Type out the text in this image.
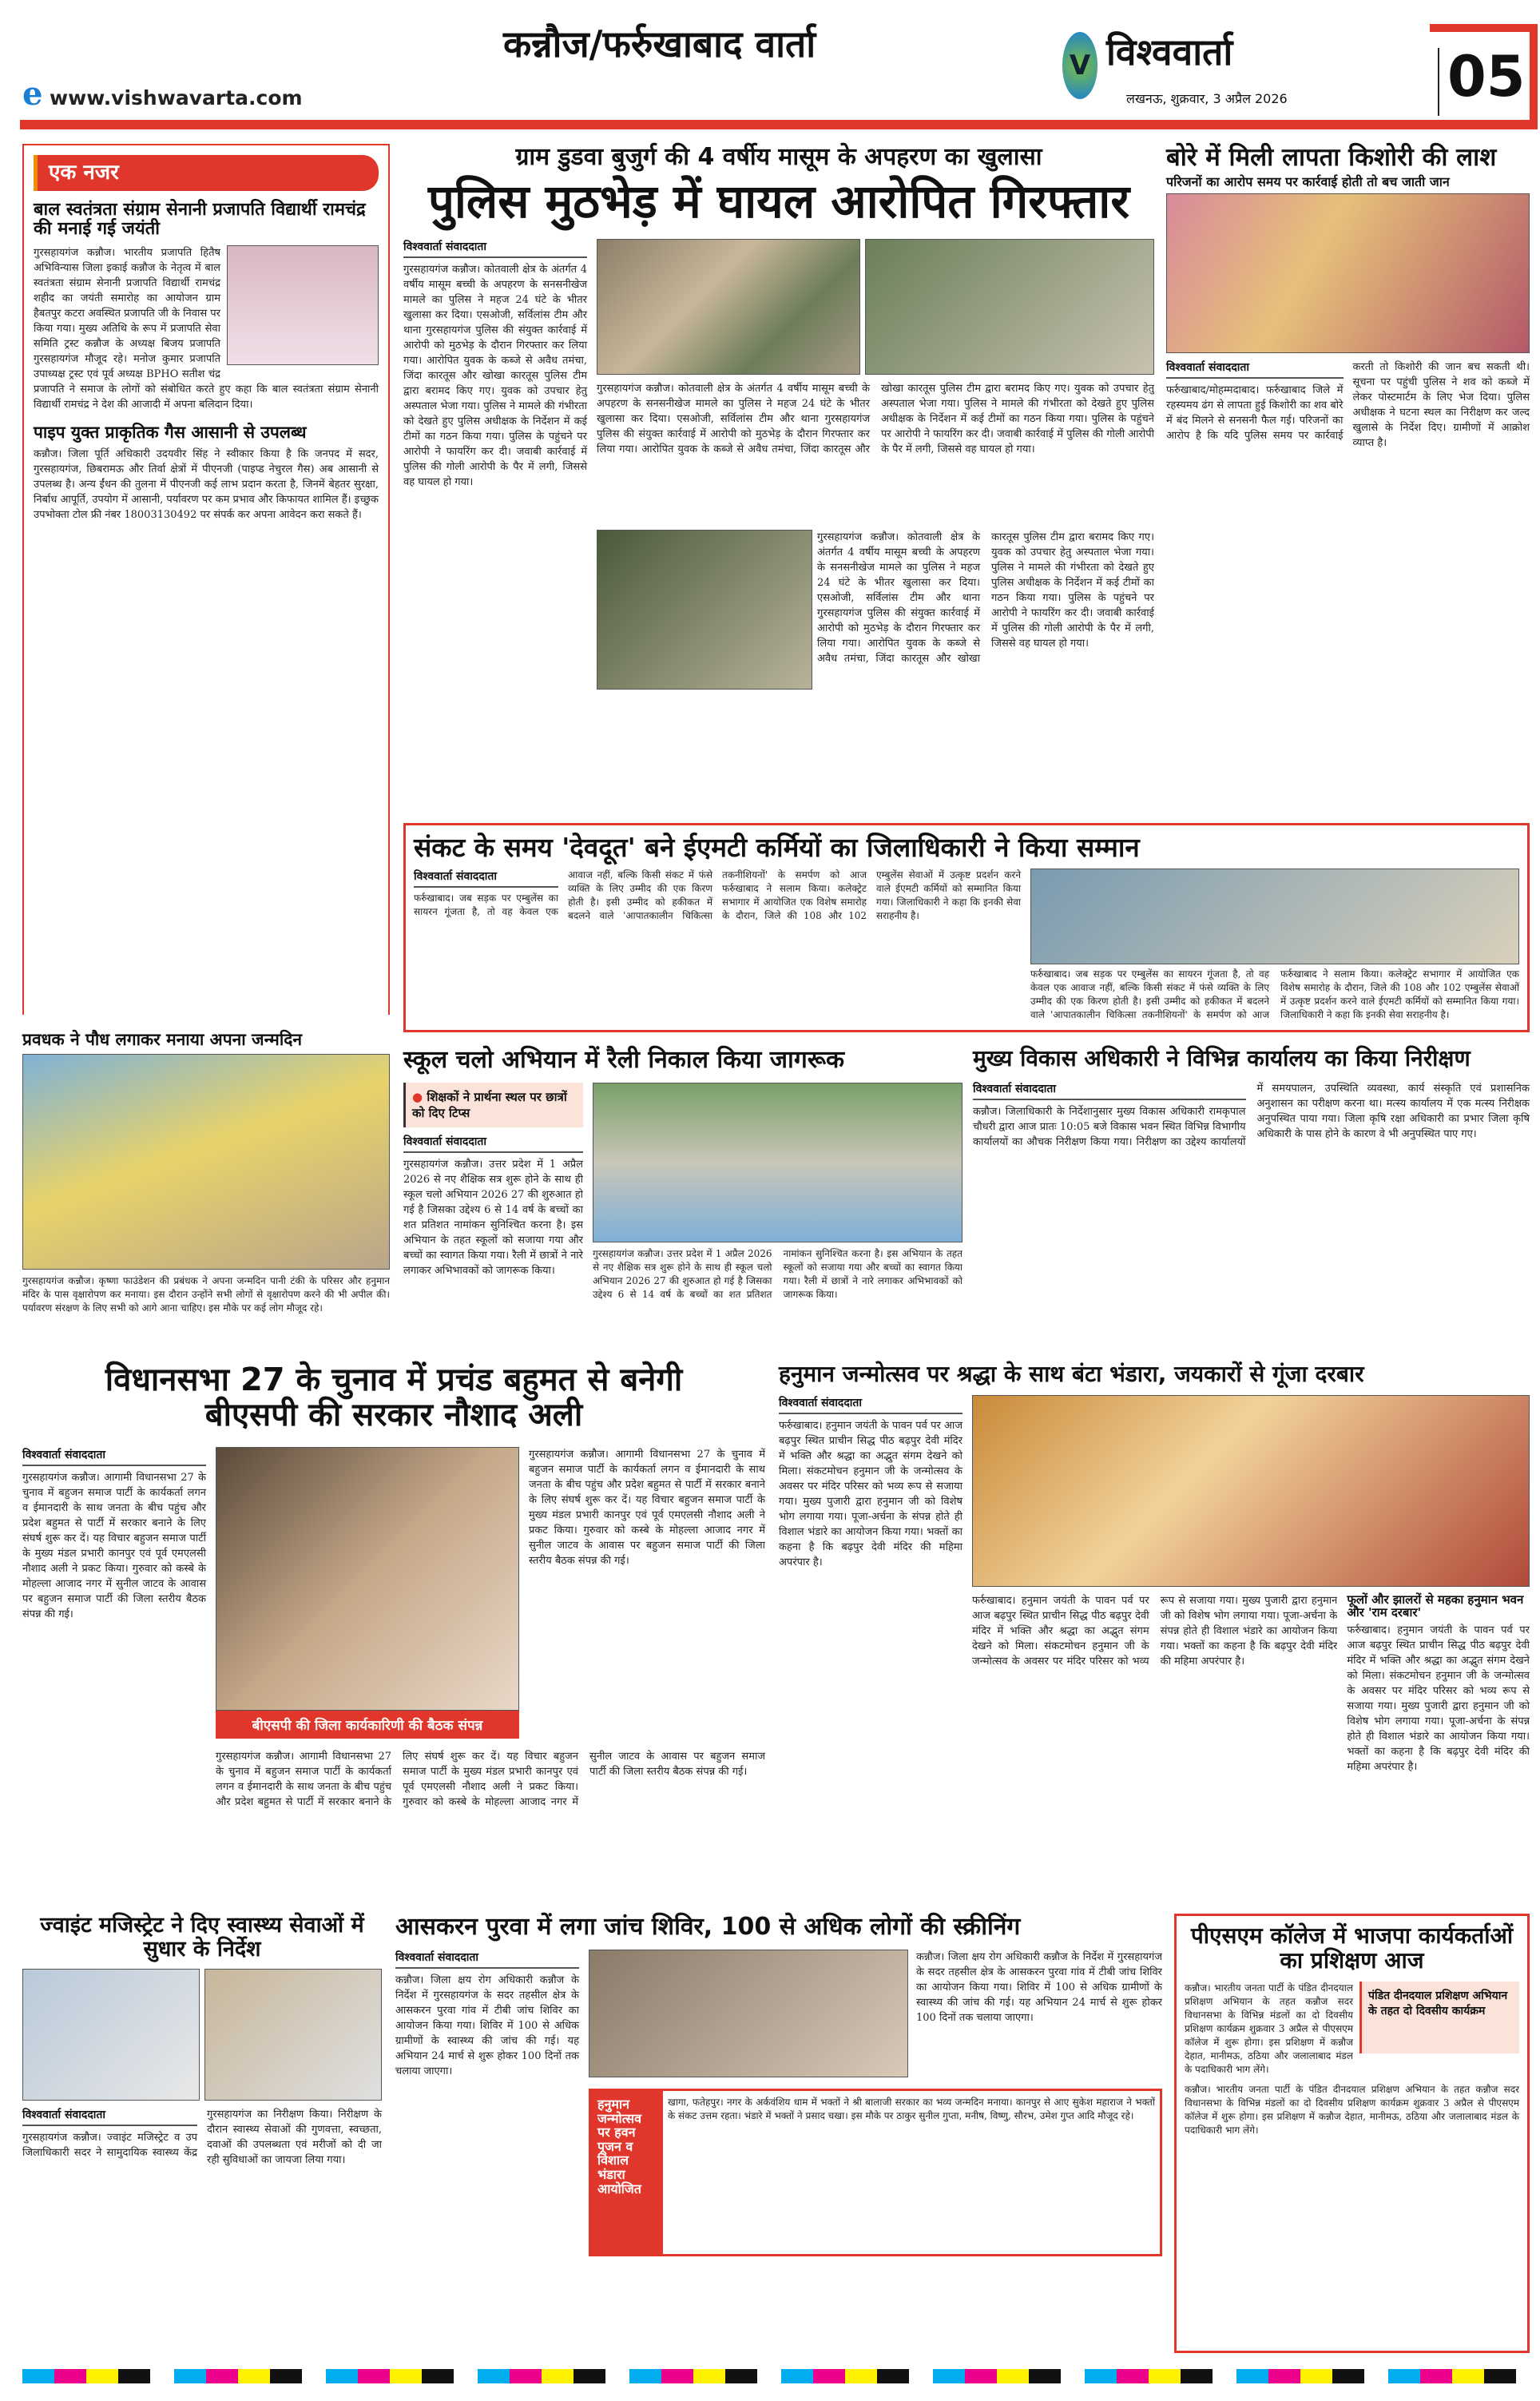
कन्नौज/फर्रुखाबाद वार्ता
e www.vishwavarta.com
V विश्ववार्ता
लखनऊ, शुक्रवार, 3 अप्रैल 2026	05
एक नजर
बाल स्वतंत्रता संग्राम सेनानी प्रजापति विद्यार्थी रामचंद्र की मनाई गई जयंती
गुरसहायगंज कन्नौज। भारतीय प्रजापति हितैष अभिविन्यास जिला इकाई कन्नौज के नेतृत्व में बाल स्वतंत्रता संग्राम सेनानी प्रजापति विद्यार्थी रामचंद्र शहीद का जयंती समारोह का आयोजन ग्राम हैबतपुर कटरा अवस्थित प्रजापति जी के निवास पर किया गया। मुख्य अतिथि के रूप में प्रजापति सेवा समिति ट्रस्ट कन्नौज के अध्यक्ष बिजय प्रजापति गुरसहायगंज मौजूद रहे। मनोज कुमार प्रजापति उपाध्यक्ष ट्रस्ट एवं पूर्व अध्यक्ष BPHO सतीश चंद्र प्रजापति ने समाज के लोगों को संबोधित करते हुए कहा कि बाल स्वतंत्रता संग्राम सेनानी विद्यार्थी रामचंद्र ने देश की आजादी में अपना बलिदान दिया।
पाइप युक्त प्राकृतिक गैस आसानी से उपलब्ध
कन्नौज। जिला पूर्ति अधिकारी उदयवीर सिंह ने स्वीकार किया है कि जनपद में सदर, गुरसहायगंज, छिबरामऊ और तिर्वा क्षेत्रों में पीएनजी (पाइप्ड नेचुरल गैस) अब आसानी से उपलब्ध है। अन्य ईंधन की तुलना में पीएनजी कई लाभ प्रदान करता है, जिनमें बेहतर सुरक्षा, निर्बाध आपूर्ति, उपयोग में आसानी, पर्यावरण पर कम प्रभाव और किफायत शामिल हैं। इच्छुक उपभोक्ता टोल फ्री नंबर 18003130492 पर संपर्क कर अपना आवेदन करा सकते हैं।
प्रवधक ने पौध लगाकर मनाया अपना जन्मदिन
गुरसहायगंज कन्नौज। कृष्णा फाउंडेशन की प्रबंधक ने अपना जन्मदिन पानी टंकी के परिसर और हनुमान मंदिर के पास वृक्षारोपण कर मनाया। इस दौरान उन्होंने सभी लोगों से वृक्षारोपण करने की भी अपील की। पर्यावरण संरक्षण के लिए सभी को आगे आना चाहिए। इस मौके पर कई लोग मौजूद रहे।
ग्राम डुडवा बुजुर्ग की 4 वर्षीय मासूम के अपहरण का खुलासा
पुलिस मुठभेड़ में घायल आरोपित गिरफ्तार
विश्ववार्ता संवाददाता
गुरसहायगंज कन्नौज। कोतवाली क्षेत्र के अंतर्गत 4 वर्षीय मासूम बच्ची के अपहरण के सनसनीखेज मामले का पुलिस ने महज 24 घंटे के भीतर खुलासा कर दिया। एसओजी, सर्विलांस टीम और थाना गुरसहायगंज पुलिस की संयुक्त कार्रवाई में आरोपी को मुठभेड़ के दौरान गिरफ्तार कर लिया गया। आरोपित युवक के कब्जे से अवैध तमंचा, जिंदा कारतूस और खोखा कारतूस पुलिस टीम द्वारा बरामद किए गए। युवक को उपचार हेतु अस्पताल भेजा गया। पुलिस ने मामले की गंभीरता को देखते हुए पुलिस अधीक्षक के निर्देशन में कई टीमों का गठन किया गया। पुलिस के पहुंचने पर आरोपी ने फायरिंग कर दी। जवाबी कार्रवाई में पुलिस की गोली आरोपी के पैर में लगी, जिससे वह घायल हो गया।
गुरसहायगंज कन्नौज। कोतवाली क्षेत्र के अंतर्गत 4 वर्षीय मासूम बच्ची के अपहरण के सनसनीखेज मामले का पुलिस ने महज 24 घंटे के भीतर खुलासा कर दिया। एसओजी, सर्विलांस टीम और थाना गुरसहायगंज पुलिस की संयुक्त कार्रवाई में आरोपी को मुठभेड़ के दौरान गिरफ्तार कर लिया गया। आरोपित युवक के कब्जे से अवैध तमंचा, जिंदा कारतूस और खोखा कारतूस पुलिस टीम द्वारा बरामद किए गए। युवक को उपचार हेतु अस्पताल भेजा गया। पुलिस ने मामले की गंभीरता को देखते हुए पुलिस अधीक्षक के निर्देशन में कई टीमों का गठन किया गया। पुलिस के पहुंचने पर आरोपी ने फायरिंग कर दी। जवाबी कार्रवाई में पुलिस की गोली आरोपी के पैर में लगी, जिससे वह घायल हो गया।
गुरसहायगंज कन्नौज। कोतवाली क्षेत्र के अंतर्गत 4 वर्षीय मासूम बच्ची के अपहरण के सनसनीखेज मामले का पुलिस ने महज 24 घंटे के भीतर खुलासा कर दिया। एसओजी, सर्विलांस टीम और थाना गुरसहायगंज पुलिस की संयुक्त कार्रवाई में आरोपी को मुठभेड़ के दौरान गिरफ्तार कर लिया गया। आरोपित युवक के कब्जे से अवैध तमंचा, जिंदा कारतूस और खोखा कारतूस पुलिस टीम द्वारा बरामद किए गए। युवक को उपचार हेतु अस्पताल भेजा गया। पुलिस ने मामले की गंभीरता को देखते हुए पुलिस अधीक्षक के निर्देशन में कई टीमों का गठन किया गया। पुलिस के पहुंचने पर आरोपी ने फायरिंग कर दी। जवाबी कार्रवाई में पुलिस की गोली आरोपी के पैर में लगी, जिससे वह घायल हो गया।
बोरे में मिली लापता किशोरी की लाश
परिजनों का आरोप समय पर कार्रवाई होती तो बच जाती जान
विश्ववार्ता संवाददाता
फर्रुखाबाद/मोहम्मदाबाद। फर्रुखाबाद जिले में रहस्यमय ढंग से लापता हुई किशोरी का शव बोरे में बंद मिलने से सनसनी फैल गई। परिजनों का आरोप है कि यदि पुलिस समय पर कार्रवाई करती तो किशोरी की जान बच सकती थी। सूचना पर पहुंची पुलिस ने शव को कब्जे में लेकर पोस्टमार्टम के लिए भेज दिया। पुलिस अधीक्षक ने घटना स्थल का निरीक्षण कर जल्द खुलासे के निर्देश दिए। ग्रामीणों में आक्रोश व्याप्त है।
संकट के समय 'देवदूत' बने ईएमटी कर्मियों का जिलाधिकारी ने किया सम्मान
विश्ववार्ता संवाददाता
फर्रुखाबाद। जब सड़क पर एम्बुलेंस का सायरन गूंजता है, तो वह केवल एक आवाज नहीं, बल्कि किसी संकट में फंसे व्यक्ति के लिए उम्मीद की एक किरण होती है। इसी उम्मीद को हकीकत में बदलने वाले 'आपातकालीन चिकित्सा तकनीशियनों' के समर्पण को आज फर्रुखाबाद ने सलाम किया। कलेक्ट्रेट सभागार में आयोजित एक विशेष समारोह के दौरान, जिले की 108 और 102 एम्बुलेंस सेवाओं में उत्कृष्ट प्रदर्शन करने वाले ईएमटी कर्मियों को सम्मानित किया गया। जिलाधिकारी ने कहा कि इनकी सेवा सराहनीय है।
फर्रुखाबाद। जब सड़क पर एम्बुलेंस का सायरन गूंजता है, तो वह केवल एक आवाज नहीं, बल्कि किसी संकट में फंसे व्यक्ति के लिए उम्मीद की एक किरण होती है। इसी उम्मीद को हकीकत में बदलने वाले 'आपातकालीन चिकित्सा तकनीशियनों' के समर्पण को आज फर्रुखाबाद ने सलाम किया। कलेक्ट्रेट सभागार में आयोजित एक विशेष समारोह के दौरान, जिले की 108 और 102 एम्बुलेंस सेवाओं में उत्कृष्ट प्रदर्शन करने वाले ईएमटी कर्मियों को सम्मानित किया गया। जिलाधिकारी ने कहा कि इनकी सेवा सराहनीय है।
स्कूल चलो अभियान में रैली निकाल किया जागरूक
● शिक्षकों ने प्रार्थना स्थल पर छात्रों को दिए टिप्स
विश्ववार्ता संवाददाता
गुरसहायगंज कन्नौज। उत्तर प्रदेश में 1 अप्रैल 2026 से नए शैक्षिक सत्र शुरू होने के साथ ही स्कूल चलो अभियान 2026 27 की शुरुआत हो गई है जिसका उद्देश्य 6 से 14 वर्ष के बच्चों का शत प्रतिशत नामांकन सुनिश्चित करना है। इस अभियान के तहत स्कूलों को सजाया गया और बच्चों का स्वागत किया गया। रैली में छात्रों ने नारे लगाकर अभिभावकों को जागरूक किया।
गुरसहायगंज कन्नौज। उत्तर प्रदेश में 1 अप्रैल 2026 से नए शैक्षिक सत्र शुरू होने के साथ ही स्कूल चलो अभियान 2026 27 की शुरुआत हो गई है जिसका उद्देश्य 6 से 14 वर्ष के बच्चों का शत प्रतिशत नामांकन सुनिश्चित करना है। इस अभियान के तहत स्कूलों को सजाया गया और बच्चों का स्वागत किया गया। रैली में छात्रों ने नारे लगाकर अभिभावकों को जागरूक किया।
मुख्य विकास अधिकारी ने विभिन्न कार्यालय का किया निरीक्षण
विश्ववार्ता संवाददाता
कन्नौज। जिलाधिकारी के निर्देशानुसार मुख्य विकास अधिकारी रामकृपाल चौधरी द्वारा आज प्रातः 10:05 बजे विकास भवन स्थित विभिन्न विभागीय कार्यालयों का औचक निरीक्षण किया गया। निरीक्षण का उद्देश्य कार्यालयों में समयपालन, उपस्थिति व्यवस्था, कार्य संस्कृति एवं प्रशासनिक अनुशासन का परीक्षण करना था। मत्स्य कार्यालय में एक मत्स्य निरीक्षक अनुपस्थित पाया गया। जिला कृषि रक्षा अधिकारी का प्रभार जिला कृषि अधिकारी के पास होने के कारण वे भी अनुपस्थित पाए गए।
विधानसभा 27 के चुनाव में प्रचंड बहुमत से बनेगी बीएसपी की सरकार नौशाद अली
विश्ववार्ता संवाददाता
गुरसहायगंज कन्नौज। आगामी विधानसभा 27 के चुनाव में बहुजन समाज पार्टी के कार्यकर्ता लगन व ईमानदारी के साथ जनता के बीच पहुंच और प्रदेश बहुमत से पार्टी में सरकार बनाने के लिए संघर्ष शुरू कर दें। यह विचार बहुजन समाज पार्टी के मुख्य मंडल प्रभारी कानपुर एवं पूर्व एमएलसी नौशाद अली ने प्रकट किया। गुरुवार को कस्बे के मोहल्ला आजाद नगर में सुनील जाटव के आवास पर बहुजन समाज पार्टी की जिला स्तरीय बैठक संपन्न की गई।
बीएसपी की जिला कार्यकारिणी की बैठक संपन्न
गुरसहायगंज कन्नौज। आगामी विधानसभा 27 के चुनाव में बहुजन समाज पार्टी के कार्यकर्ता लगन व ईमानदारी के साथ जनता के बीच पहुंच और प्रदेश बहुमत से पार्टी में सरकार बनाने के लिए संघर्ष शुरू कर दें। यह विचार बहुजन समाज पार्टी के मुख्य मंडल प्रभारी कानपुर एवं पूर्व एमएलसी नौशाद अली ने प्रकट किया। गुरुवार को कस्बे के मोहल्ला आजाद नगर में सुनील जाटव के आवास पर बहुजन समाज पार्टी की जिला स्तरीय बैठक संपन्न की गई।
गुरसहायगंज कन्नौज। आगामी विधानसभा 27 के चुनाव में बहुजन समाज पार्टी के कार्यकर्ता लगन व ईमानदारी के साथ जनता के बीच पहुंच और प्रदेश बहुमत से पार्टी में सरकार बनाने के लिए संघर्ष शुरू कर दें। यह विचार बहुजन समाज पार्टी के मुख्य मंडल प्रभारी कानपुर एवं पूर्व एमएलसी नौशाद अली ने प्रकट किया। गुरुवार को कस्बे के मोहल्ला आजाद नगर में सुनील जाटव के आवास पर बहुजन समाज पार्टी की जिला स्तरीय बैठक संपन्न की गई।
हनुमान जन्मोत्सव पर श्रद्धा के साथ बंटा भंडारा, जयकारों से गूंजा दरबार
विश्ववार्ता संवाददाता
फर्रुखाबाद। हनुमान जयंती के पावन पर्व पर आज बढ़पुर स्थित प्राचीन सिद्ध पीठ बढ़पुर देवी मंदिर में भक्ति और श्रद्धा का अद्भुत संगम देखने को मिला। संकटमोचन हनुमान जी के जन्मोत्सव के अवसर पर मंदिर परिसर को भव्य रूप से सजाया गया। मुख्य पुजारी द्वारा हनुमान जी को विशेष भोग लगाया गया। पूजा-अर्चना के संपन्न होते ही विशाल भंडारे का आयोजन किया गया। भक्तों का कहना है कि बढ़पुर देवी मंदिर की महिमा अपरंपार है।
फर्रुखाबाद। हनुमान जयंती के पावन पर्व पर आज बढ़पुर स्थित प्राचीन सिद्ध पीठ बढ़पुर देवी मंदिर में भक्ति और श्रद्धा का अद्भुत संगम देखने को मिला। संकटमोचन हनुमान जी के जन्मोत्सव के अवसर पर मंदिर परिसर को भव्य रूप से सजाया गया। मुख्य पुजारी द्वारा हनुमान जी को विशेष भोग लगाया गया। पूजा-अर्चना के संपन्न होते ही विशाल भंडारे का आयोजन किया गया। भक्तों का कहना है कि बढ़पुर देवी मंदिर की महिमा अपरंपार है।
फूलों और झालरों से महका हनुमान भवन और 'राम दरबार'
फर्रुखाबाद। हनुमान जयंती के पावन पर्व पर आज बढ़पुर स्थित प्राचीन सिद्ध पीठ बढ़पुर देवी मंदिर में भक्ति और श्रद्धा का अद्भुत संगम देखने को मिला। संकटमोचन हनुमान जी के जन्मोत्सव के अवसर पर मंदिर परिसर को भव्य रूप से सजाया गया। मुख्य पुजारी द्वारा हनुमान जी को विशेष भोग लगाया गया। पूजा-अर्चना के संपन्न होते ही विशाल भंडारे का आयोजन किया गया। भक्तों का कहना है कि बढ़पुर देवी मंदिर की महिमा अपरंपार है।
ज्वाइंट मजिस्ट्रेट ने दिए स्वास्थ्य सेवाओं में सुधार के निर्देश
विश्ववार्ता संवाददाता
गुरसहायगंज कन्नौज। ज्वाइंट मजिस्ट्रेट व उप जिलाधिकारी सदर ने सामुदायिक स्वास्थ्य केंद्र गुरसहायगंज का निरीक्षण किया। निरीक्षण के दौरान स्वास्थ्य सेवाओं की गुणवत्ता, स्वच्छता, दवाओं की उपलब्धता एवं मरीजों को दी जा रही सुविधाओं का जायजा लिया गया।
आसकरन पुरवा में लगा जांच शिविर, 100 से अधिक लोगों की स्क्रीनिंग
विश्ववार्ता संवाददाता
कन्नौज। जिला क्षय रोग अधिकारी कन्नौज के निर्देश में गुरसहायगंज के सदर तहसील क्षेत्र के आसकरन पुरवा गांव में टीबी जांच शिविर का आयोजन किया गया। शिविर में 100 से अधिक ग्रामीणों के स्वास्थ्य की जांच की गई। यह अभियान 24 मार्च से शुरू होकर 100 दिनों तक चलाया जाएगा।
कन्नौज। जिला क्षय रोग अधिकारी कन्नौज के निर्देश में गुरसहायगंज के सदर तहसील क्षेत्र के आसकरन पुरवा गांव में टीबी जांच शिविर का आयोजन किया गया। शिविर में 100 से अधिक ग्रामीणों के स्वास्थ्य की जांच की गई। यह अभियान 24 मार्च से शुरू होकर 100 दिनों तक चलाया जाएगा।
हनुमान जन्मोत्सव पर हवन पूजन व विशाल भंडारा आयोजित
खागा, फतेहपुर। नगर के अर्कवंशिय धाम में भक्तों ने श्री बालाजी सरकार का भव्य जन्मदिन मनाया। कानपुर से आए सुकेश महाराज ने भक्तों के संकट उत्तम रहता। भंडारे में भक्तों ने प्रसाद चखा। इस मौके पर ठाकुर सुनील गुप्ता, मनीष, विष्णु, सौरभ, उमेश गुप्त आदि मौजूद रहे।
पीएसएम कॉलेज में भाजपा कार्यकर्ताओं का प्रशिक्षण आज
कन्नौज। भारतीय जनता पार्टी के पंडित दीनदयाल प्रशिक्षण अभियान के तहत कन्नौज सदर विधानसभा के विभिन्न मंडलों का दो दिवसीय प्रशिक्षण कार्यक्रम शुक्रवार 3 अप्रैल से पीएसएम कॉलेज में शुरू होगा। इस प्रशिक्षण में कन्नौज देहात, मानीमऊ, ठठिया और जलालाबाद मंडल के पदाधिकारी भाग लेंगे।
पंडित दीनदयाल प्रशिक्षण अभियान के तहत दो दिवसीय कार्यक्रम
कन्नौज। भारतीय जनता पार्टी के पंडित दीनदयाल प्रशिक्षण अभियान के तहत कन्नौज सदर विधानसभा के विभिन्न मंडलों का दो दिवसीय प्रशिक्षण कार्यक्रम शुक्रवार 3 अप्रैल से पीएसएम कॉलेज में शुरू होगा। इस प्रशिक्षण में कन्नौज देहात, मानीमऊ, ठठिया और जलालाबाद मंडल के पदाधिकारी भाग लेंगे।
